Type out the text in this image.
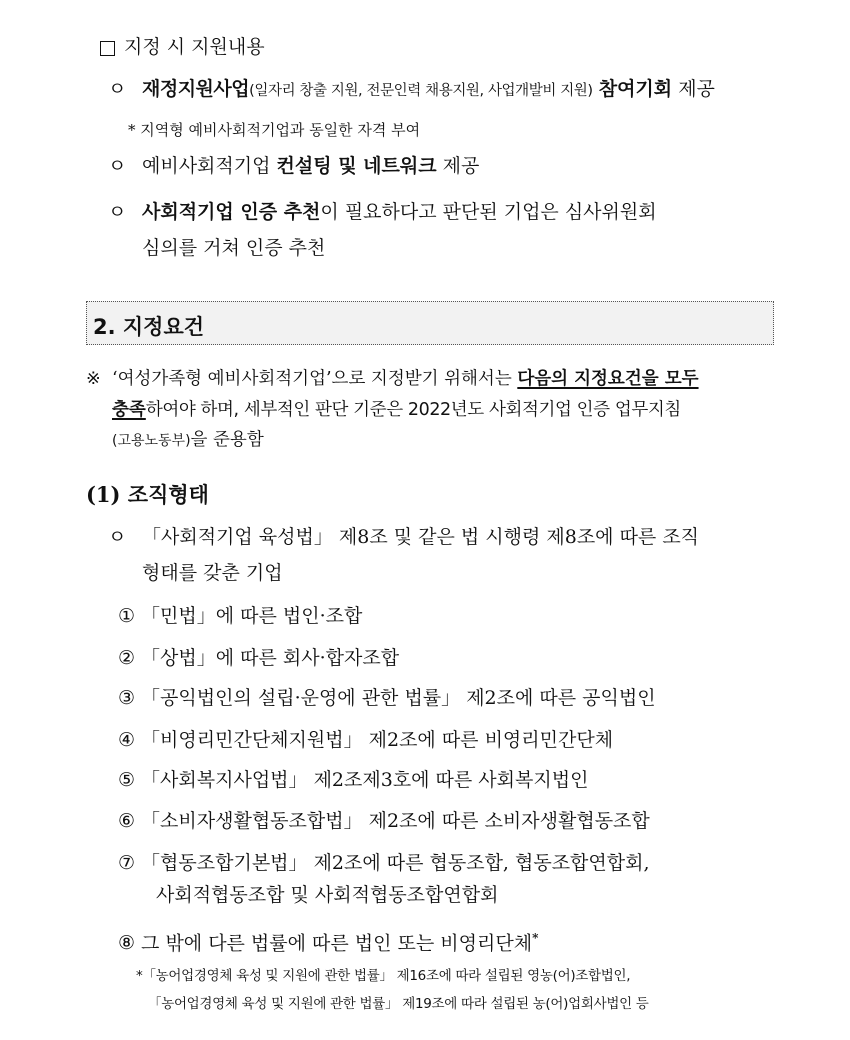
지정 시 지원내용
ㅇ 재정지원사업(일자리 창출 지원, 전문인력 채용지원, 사업개발비 지원) 참여기회 제공
* 지역형 예비사회적기업과 동일한 자격 부여
ㅇ 예비사회적기업 컨설팅 및 네트워크 제공
ㅇ 사회적기업 인증 추천이 필요하다고 판단된 기업은 심사위원회
심의를 거쳐 인증 추천
2. 지정요건
※ ‘여성가족형 예비사회적기업’으로 지정받기 위해서는 다음의 지정요건을 모두
충족하여야 하며, 세부적인 판단 기준은 2022년도 사회적기업 인증 업무지침
(고용노동부)을 준용함
(1) 조직형태
ㅇ 「사회적기업 육성법」 제8조 및 같은 법 시행령 제8조에 따른 조직
형태를 갖춘 기업
① 「민법」에 따른 법인·조합
② 「상법」에 따른 회사·합자조합
③ 「공익법인의 설립·운영에 관한 법률」 제2조에 따른 공익법인
④ 「비영리민간단체지원법」 제2조에 따른 비영리민간단체
⑤ 「사회복지사업법」 제2조제3호에 따른 사회복지법인
⑥ 「소비자생활협동조합법」 제2조에 따른 소비자생활협동조합
⑦ 「협동조합기본법」 제2조에 따른 협동조합, 협동조합연합회,
사회적협동조합 및 사회적협동조합연합회
⑧ 그 밖에 다른 법률에 따른 법인 또는 비영리단체*
*「농어업경영체 육성 및 지원에 관한 법률」 제16조에 따라 설립된 영농(어)조합법인,
「농어업경영체 육성 및 지원에 관한 법률」 제19조에 따라 설립된 농(어)업회사법인 등
